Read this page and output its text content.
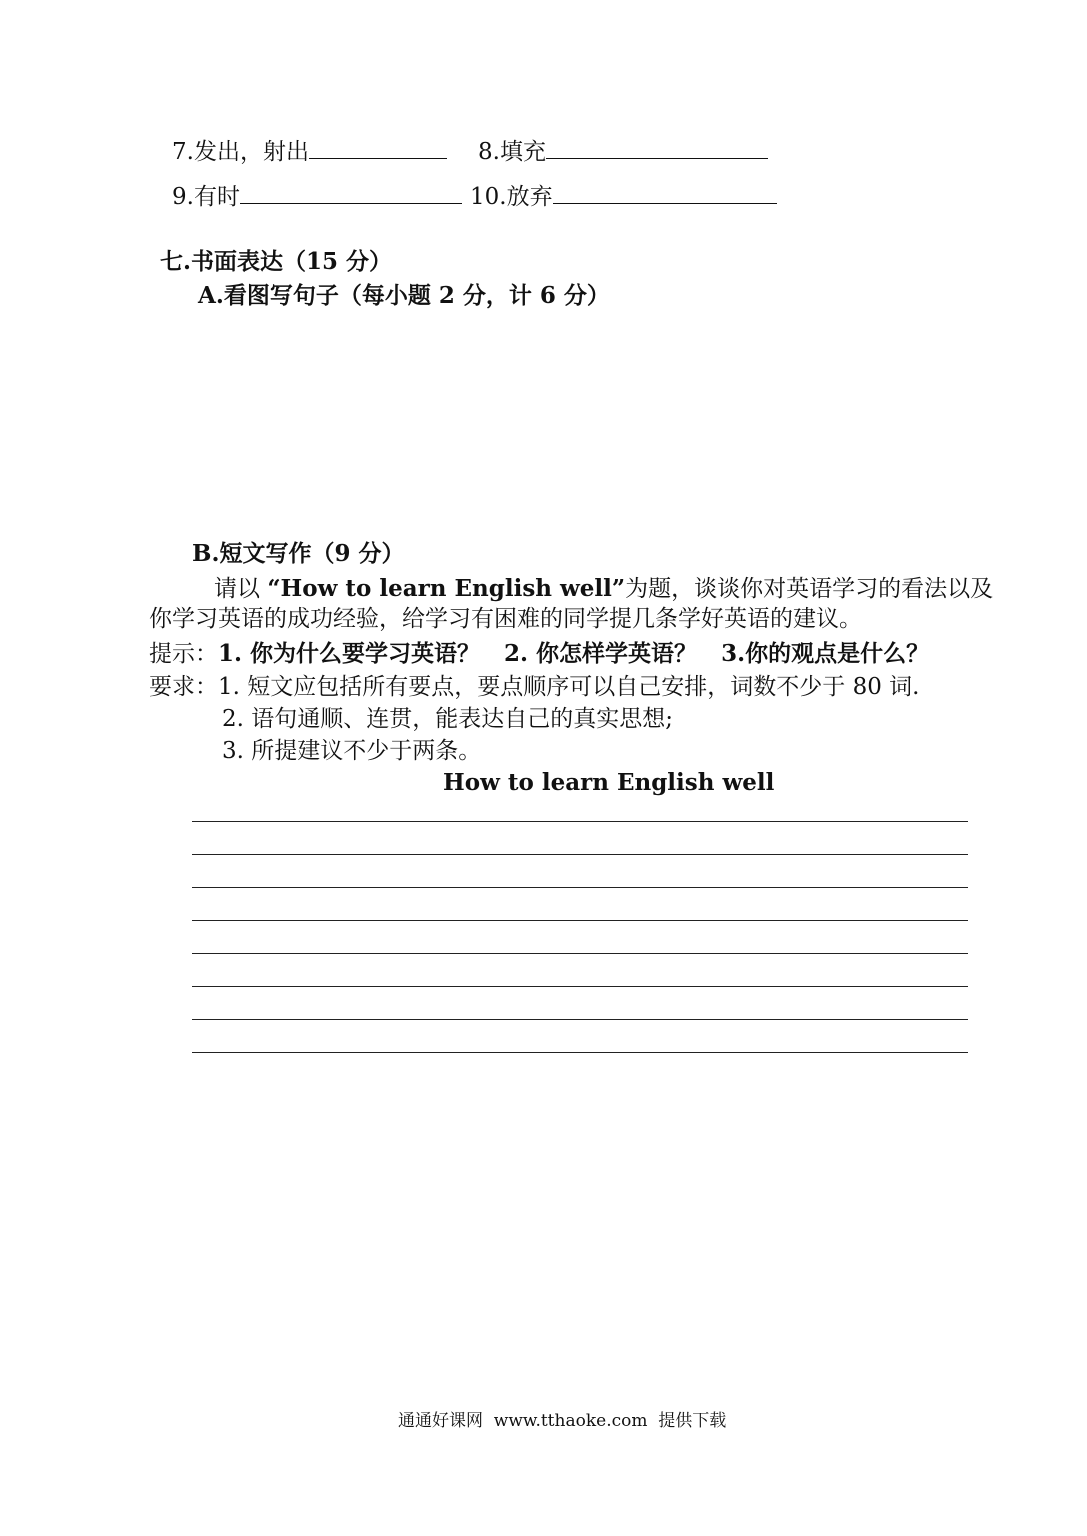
7.发出，射出	8.填充
9.有时	10.放弃
七.书面表达（15 分）
A.看图写句子（每小题 2 分，计 6 分）
B.短文写作（9 分）
请以 “How to learn English well”为题，谈谈你对英语学习的看法以及
你学习英语的成功经验，给学习有困难的同学提几条学好英语的建议。
提示：1. 你为什么要学习英语？   2. 你怎样学英语？   3.你的观点是什么？
要求：1. 短文应包括所有要点，要点顺序可以自己安排，词数不少于 80 词.
2. 语句通顺、连贯，能表达自己的真实思想;
3. 所提建议不少于两条。
How to learn English well
通通好课网  www.tthaoke.com  提供下载
